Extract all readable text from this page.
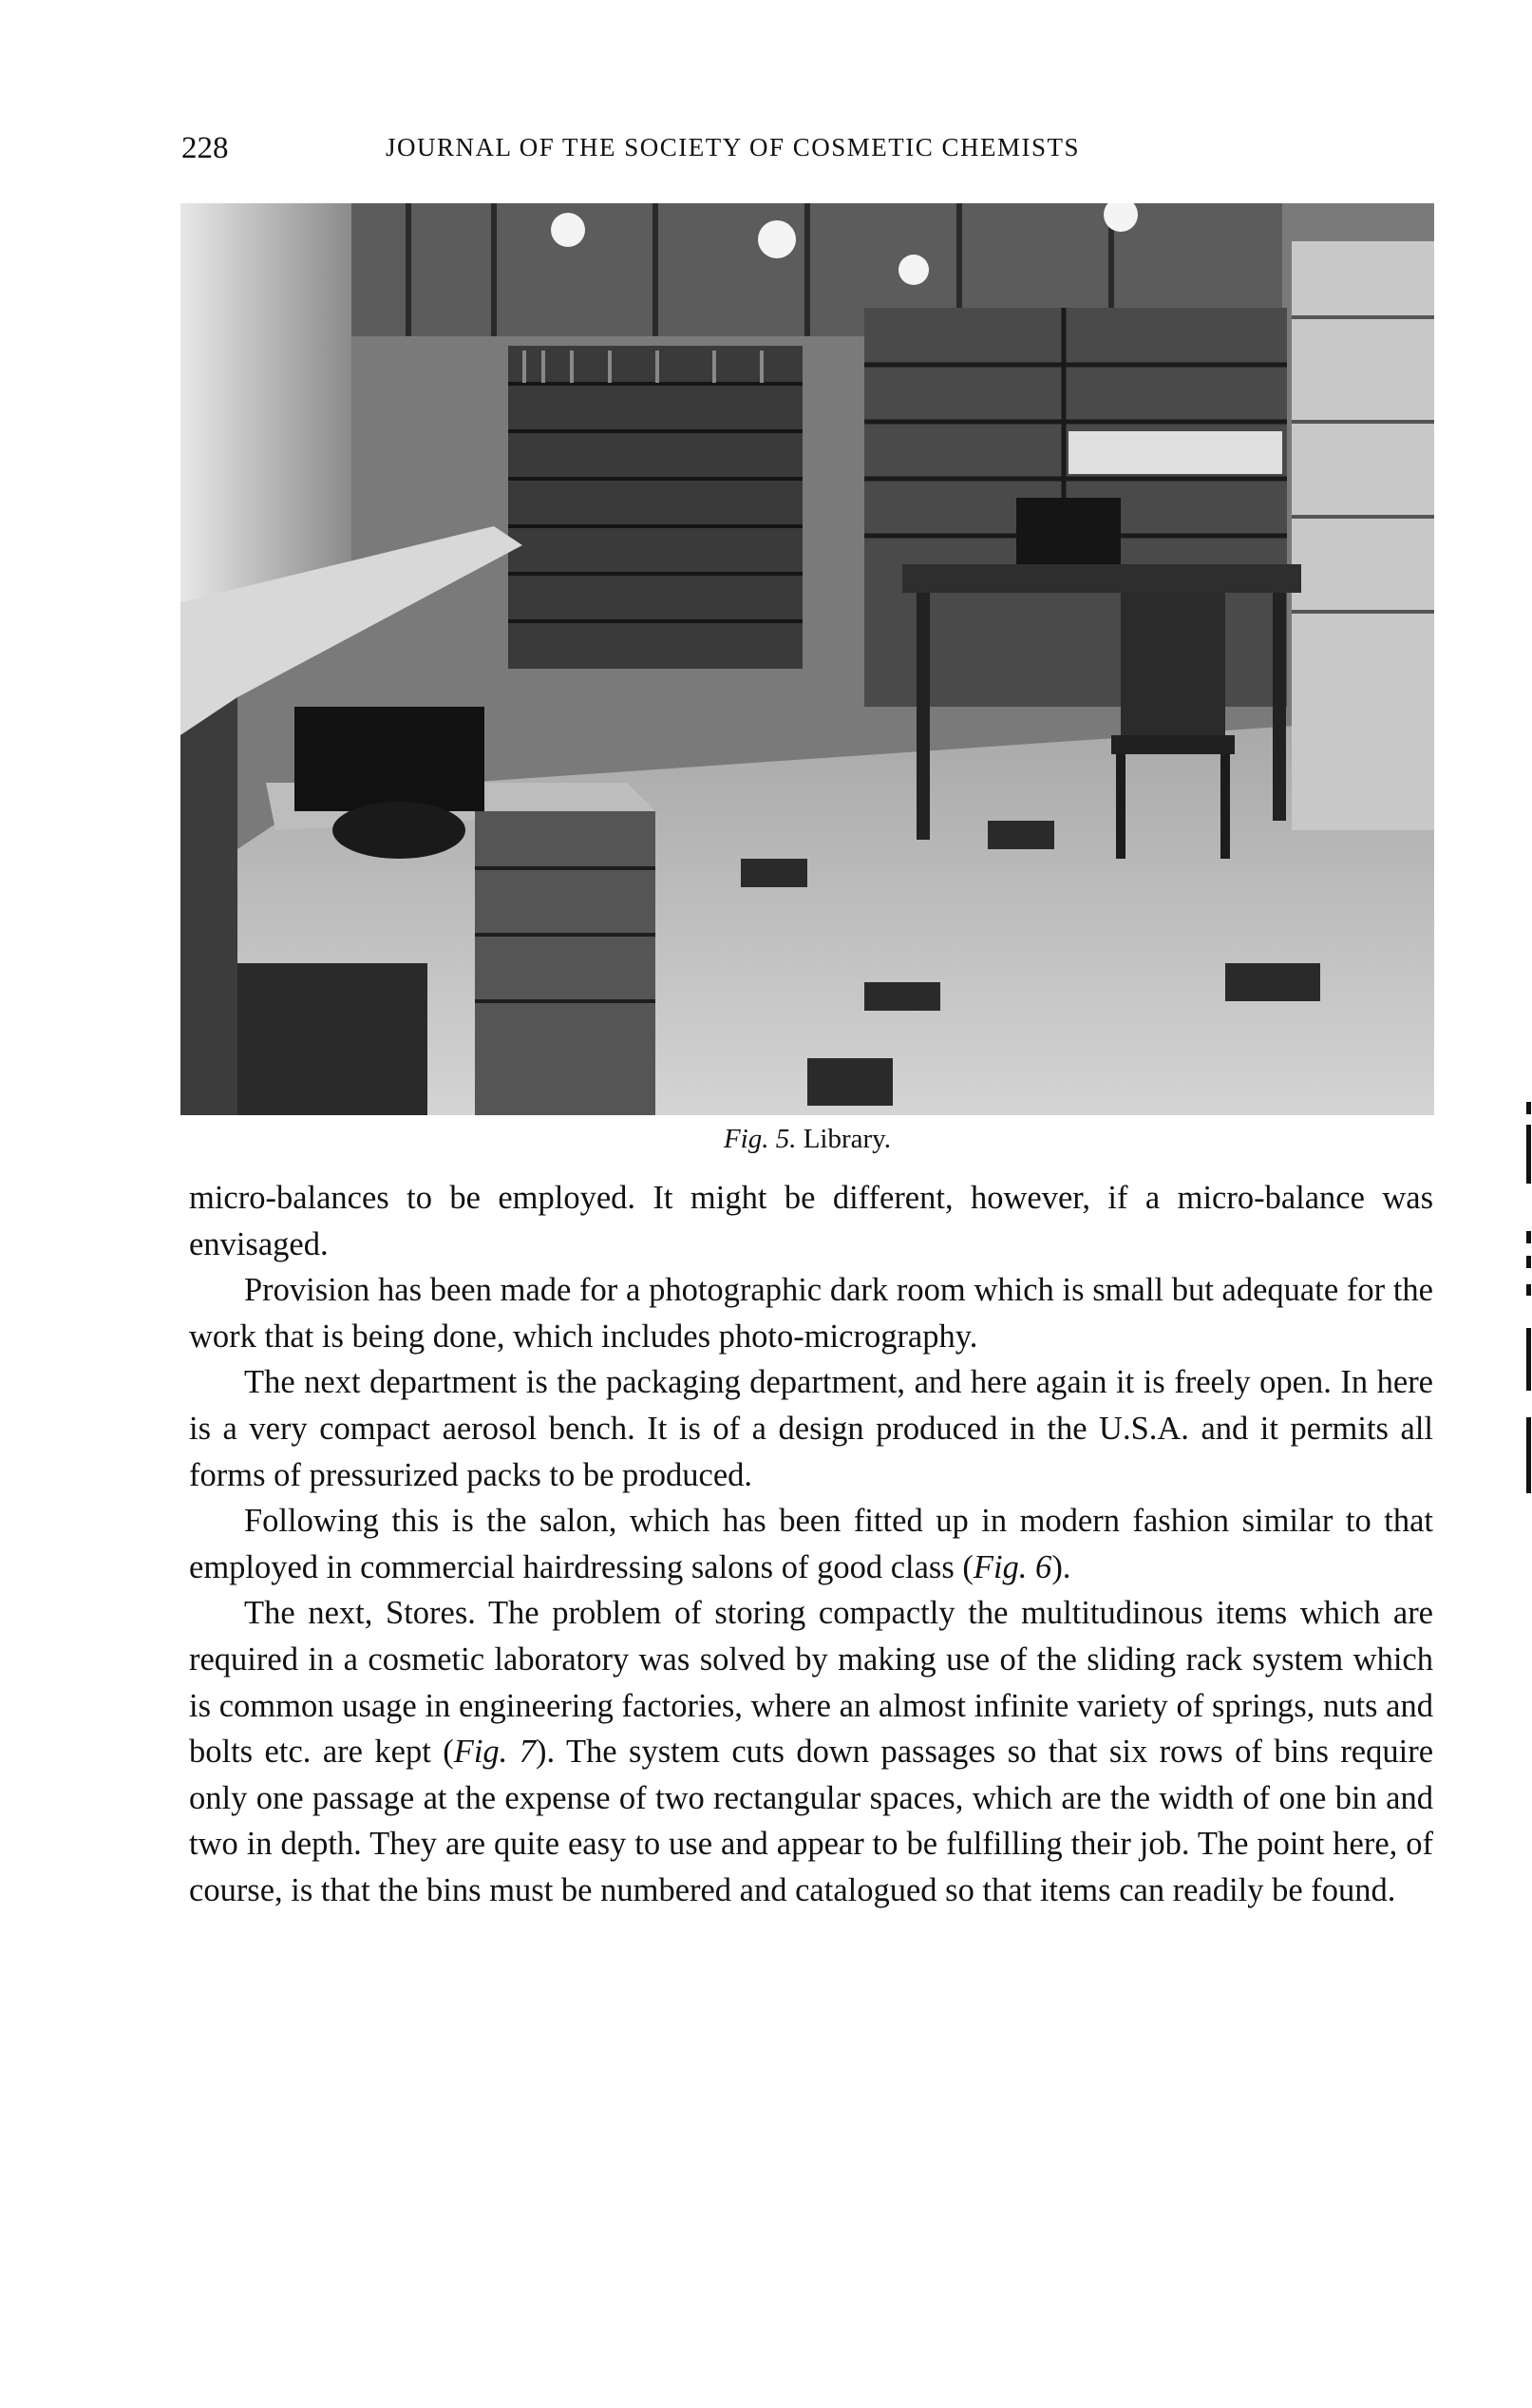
228	JOURNAL OF THE SOCIETY OF COSMETIC CHEMISTS
Fig. 5. Library.

micro-balances to be employed. It might be different, however, if a micro-balance was envisaged.

Provision has been made for a photographic dark room which is small but adequate for the work that is being done, which includes photo-micrography.

The next department is the packaging department, and here again it is freely open. In here is a very compact aerosol bench. It is of a design produced in the U.S.A. and it permits all forms of pressurized packs to be produced.

Following this is the salon, which has been fitted up in modern fashion similar to that employed in commercial hairdressing salons of good class (Fig. 6).

The next, Stores. The problem of storing compactly the multitudinous items which are required in a cosmetic laboratory was solved by making use of the sliding rack system which is common usage in engineering factories, where an almost infinite variety of springs, nuts and bolts etc. are kept (Fig. 7). The system cuts down passages so that six rows of bins require only one passage at the expense of two rectangular spaces, which are the width of one bin and two in depth. They are quite easy to use and appear to be fulfilling their job. The point here, of course, is that the bins must be numbered and catalogued so that items can readily be found.
